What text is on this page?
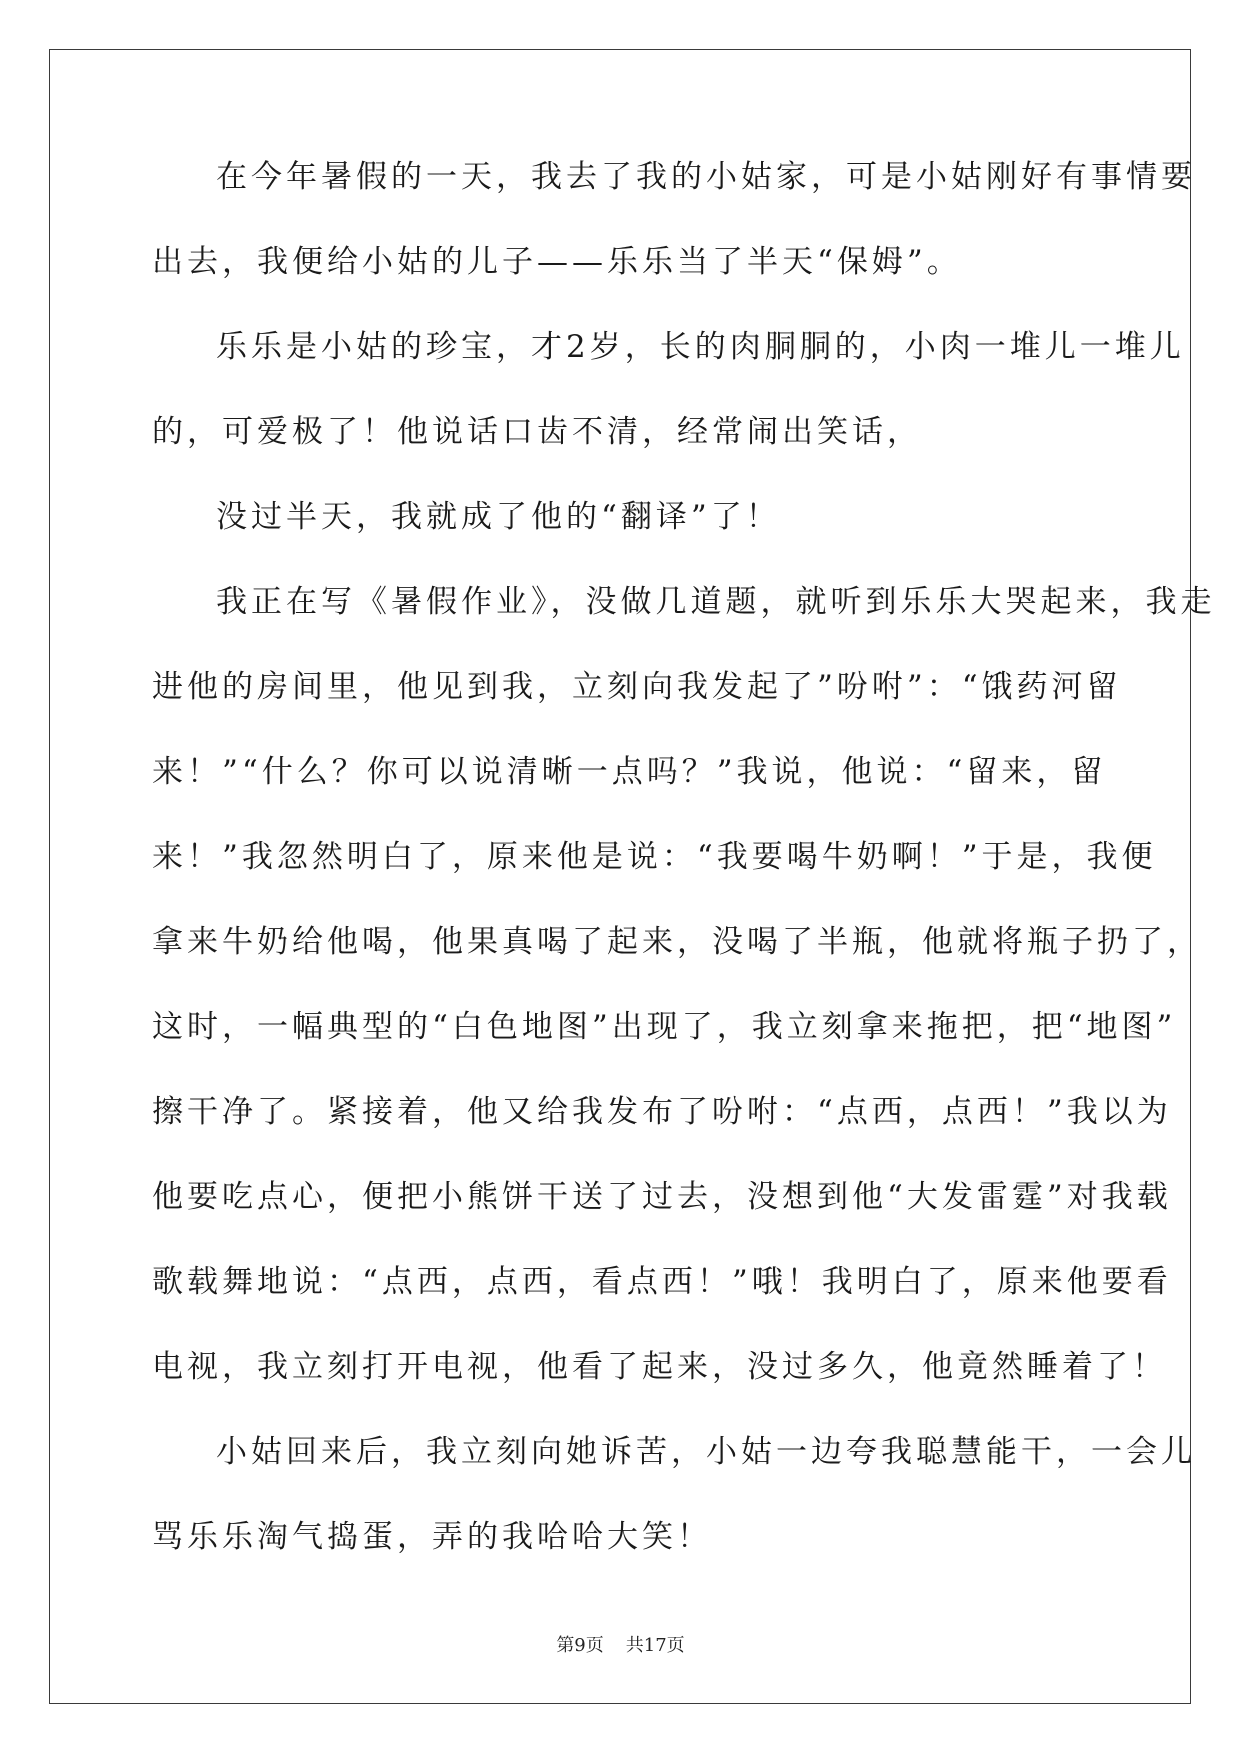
在今年暑假的一天，我去了我的小姑家，可是小姑刚好有事情要
出去，我便给小姑的儿子——乐乐当了半天“保姆”。
乐乐是小姑的珍宝，才2岁，长的肉胴胴的，小肉一堆儿一堆儿
的，可爱极了！他说话口齿不清，经常闹出笑话，
没过半天，我就成了他的“翻译”了！
我正在写《暑假作业》，没做几道题，就听到乐乐大哭起来，我走
进他的房间里，他见到我，立刻向我发起了”吩咐”：“饿药河留
来！”“什么？你可以说清晰一点吗？”我说，他说：“留来，留
来！”我忽然明白了，原来他是说：“我要喝牛奶啊！”于是，我便
拿来牛奶给他喝，他果真喝了起来，没喝了半瓶，他就将瓶子扔了，
这时，一幅典型的“白色地图”出现了，我立刻拿来拖把，把“地图”
擦干净了。紧接着，他又给我发布了吩咐：“点西，点西！”我以为
他要吃点心，便把小熊饼干送了过去，没想到他“大发雷霆”对我载
歌载舞地说：“点西，点西，看点西！”哦！我明白了，原来他要看
电视，我立刻打开电视，他看了起来，没过多久，他竟然睡着了！
小姑回来后，我立刻向她诉苦，小姑一边夸我聪慧能干，一会儿
骂乐乐淘气捣蛋，弄的我哈哈大笑！
第9页 共17页
